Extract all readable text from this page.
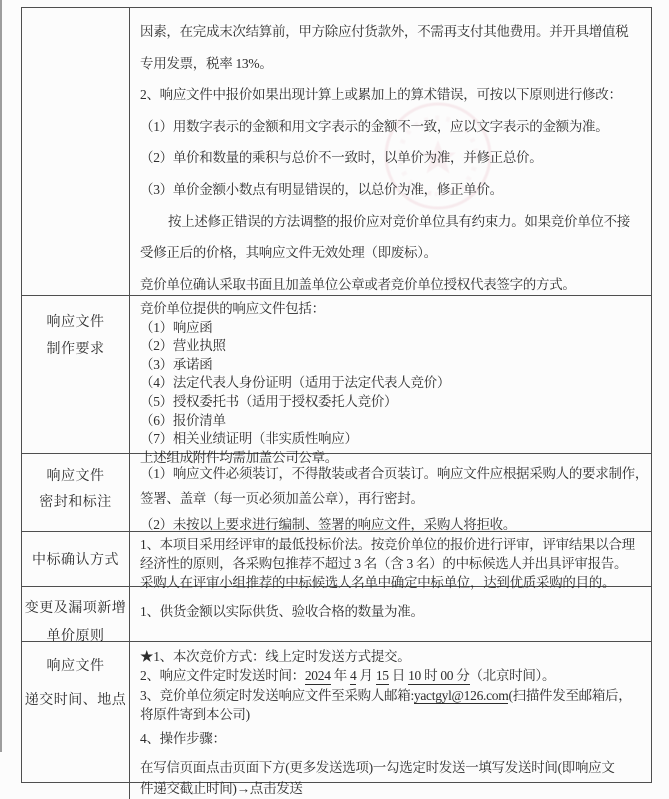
因素，在完成末次结算前，甲方除应付货款外，不需再支付其他费用。并开具增值税
专用发票，税率 13%。
2、响应文件中报价如果出现计算上或累加上的算术错误，可按以下原则进行修改：
（1）用数字表示的金额和用文字表示的金额不一致，应以文字表示的金额为准。
（2）单价和数量的乘积与总价不一致时，以单价为准，并修正总价。
（3）单价金额小数点有明显错误的，以总价为准，修正单价。
按上述修正错误的方法调整的报价应对竞价单位具有约束力。如果竞价单位不接
受修正后的价格，其响应文件无效处理（即废标）。
竞价单位确认采取书面且加盖单位公章或者竞价单位授权代表签字的方式。
响应文件
制作要求
竞价单位提供的响应文件包括：
（1）响应函
（2）营业执照
（3）承诺函
（4）法定代表人身份证明（适用于法定代表人竞价）
（5）授权委托书（适用于授权委托人竞价）
（6）报价清单
（7）相关业绩证明（非实质性响应）
上述组成附件均需加盖公司公章。
响应文件
密封和标注
（1）响应文件必须装订，不得散装或者合页装订。响应文件应根据采购人的要求制作，
签署、盖章（每一页必须加盖公章），再行密封。
（2）未按以上要求进行编制、签署的响应文件，采购人将拒收。
中标确认方式
1、本项目采用经评审的最低投标价法。按竞价单位的报价进行评审，评审结果以合理
经济性的原则，各采购包推荐不超过 3 名（含 3 名）的中标候选人并出具评审报告。
采购人在评审小组推荐的中标候选人名单中确定中标单位，达到优质采购的目的。
变更及漏项新增
单价原则
1、供货金额以实际供货、验收合格的数量为准。
响应文件
递交时间、地点
★1、本次竞价方式：线上定时发送方式提交。
2、响应文件定时发送时间：2024 年 4 月 15 日 10 时 00 分（北京时间）。
3、竞价单位须定时发送响应文件至采购人邮箱:yactgyl@126.com(扫描件发至邮箱后，
将原件寄到本公司)
4、操作步骤：
在写信页面点击页面下方(更多发送选项)一勾选定时发送一填写发送时间(即响应文
件递交截止时间)→点击发送
